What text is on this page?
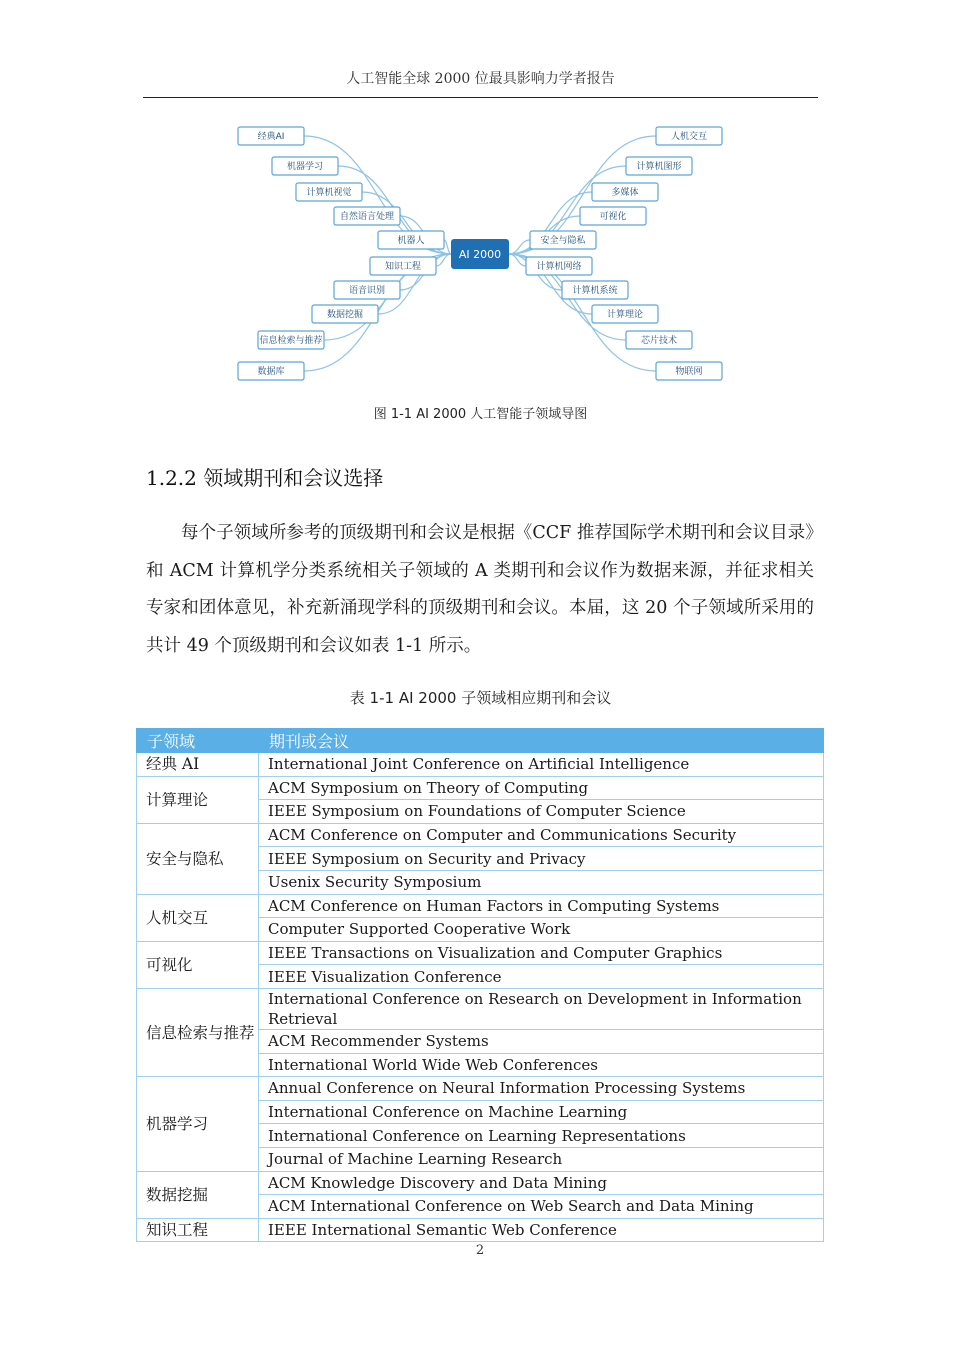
人工智能全球 2000 位最具影响力学者报告
经典AI
机器学习
计算机视觉
自然语言处理
机器人
知识工程
语音识别
数据挖掘
信息检索与推荐
数据库
人机交互
计算机图形
多媒体
可视化
安全与隐私
计算机网络
计算机系统
计算理论
芯片技术
物联网
AI 2000
图 1-1 AI 2000 人工智能子领域导图
1.2.2 领域期刊和会议选择
每个子领域所参考的顶级期刊和会议是根据《CCF 推荐国际学术期刊和会议目录》和 ACM 计算机学分类系统相关子领域的 A 类期刊和会议作为数据来源，并征求相关专家和团体意见，补充新涌现学科的顶级期刊和会议。本届，这 20 个子领域所采用的共计 49 个顶级期刊和会议如表 1-1 所示。
表 1-1 AI 2000 子领域相应期刊和会议
子领域	期刊或会议
经典 AI	International Joint Conference on Artificial Intelligence
计算理论	ACM Symposium on Theory of Computing
	IEEE Symposium on Foundations of Computer Science
安全与隐私	ACM Conference on Computer and Communications Security
	IEEE Symposium on Security and Privacy
	Usenix Security Symposium
人机交互	ACM Conference on Human Factors in Computing Systems
	Computer Supported Cooperative Work
可视化	IEEE Transactions on Visualization and Computer Graphics
	IEEE Visualization Conference
信息检索与推荐	International Conference on Research on Development in Information Retrieval
	ACM Recommender Systems
	International World Wide Web Conferences
机器学习	Annual Conference on Neural Information Processing Systems
	International Conference on Machine Learning
	International Conference on Learning Representations
	Journal of Machine Learning Research
数据挖掘	ACM Knowledge Discovery and Data Mining
	ACM International Conference on Web Search and Data Mining
知识工程	IEEE International Semantic Web Conference
2
